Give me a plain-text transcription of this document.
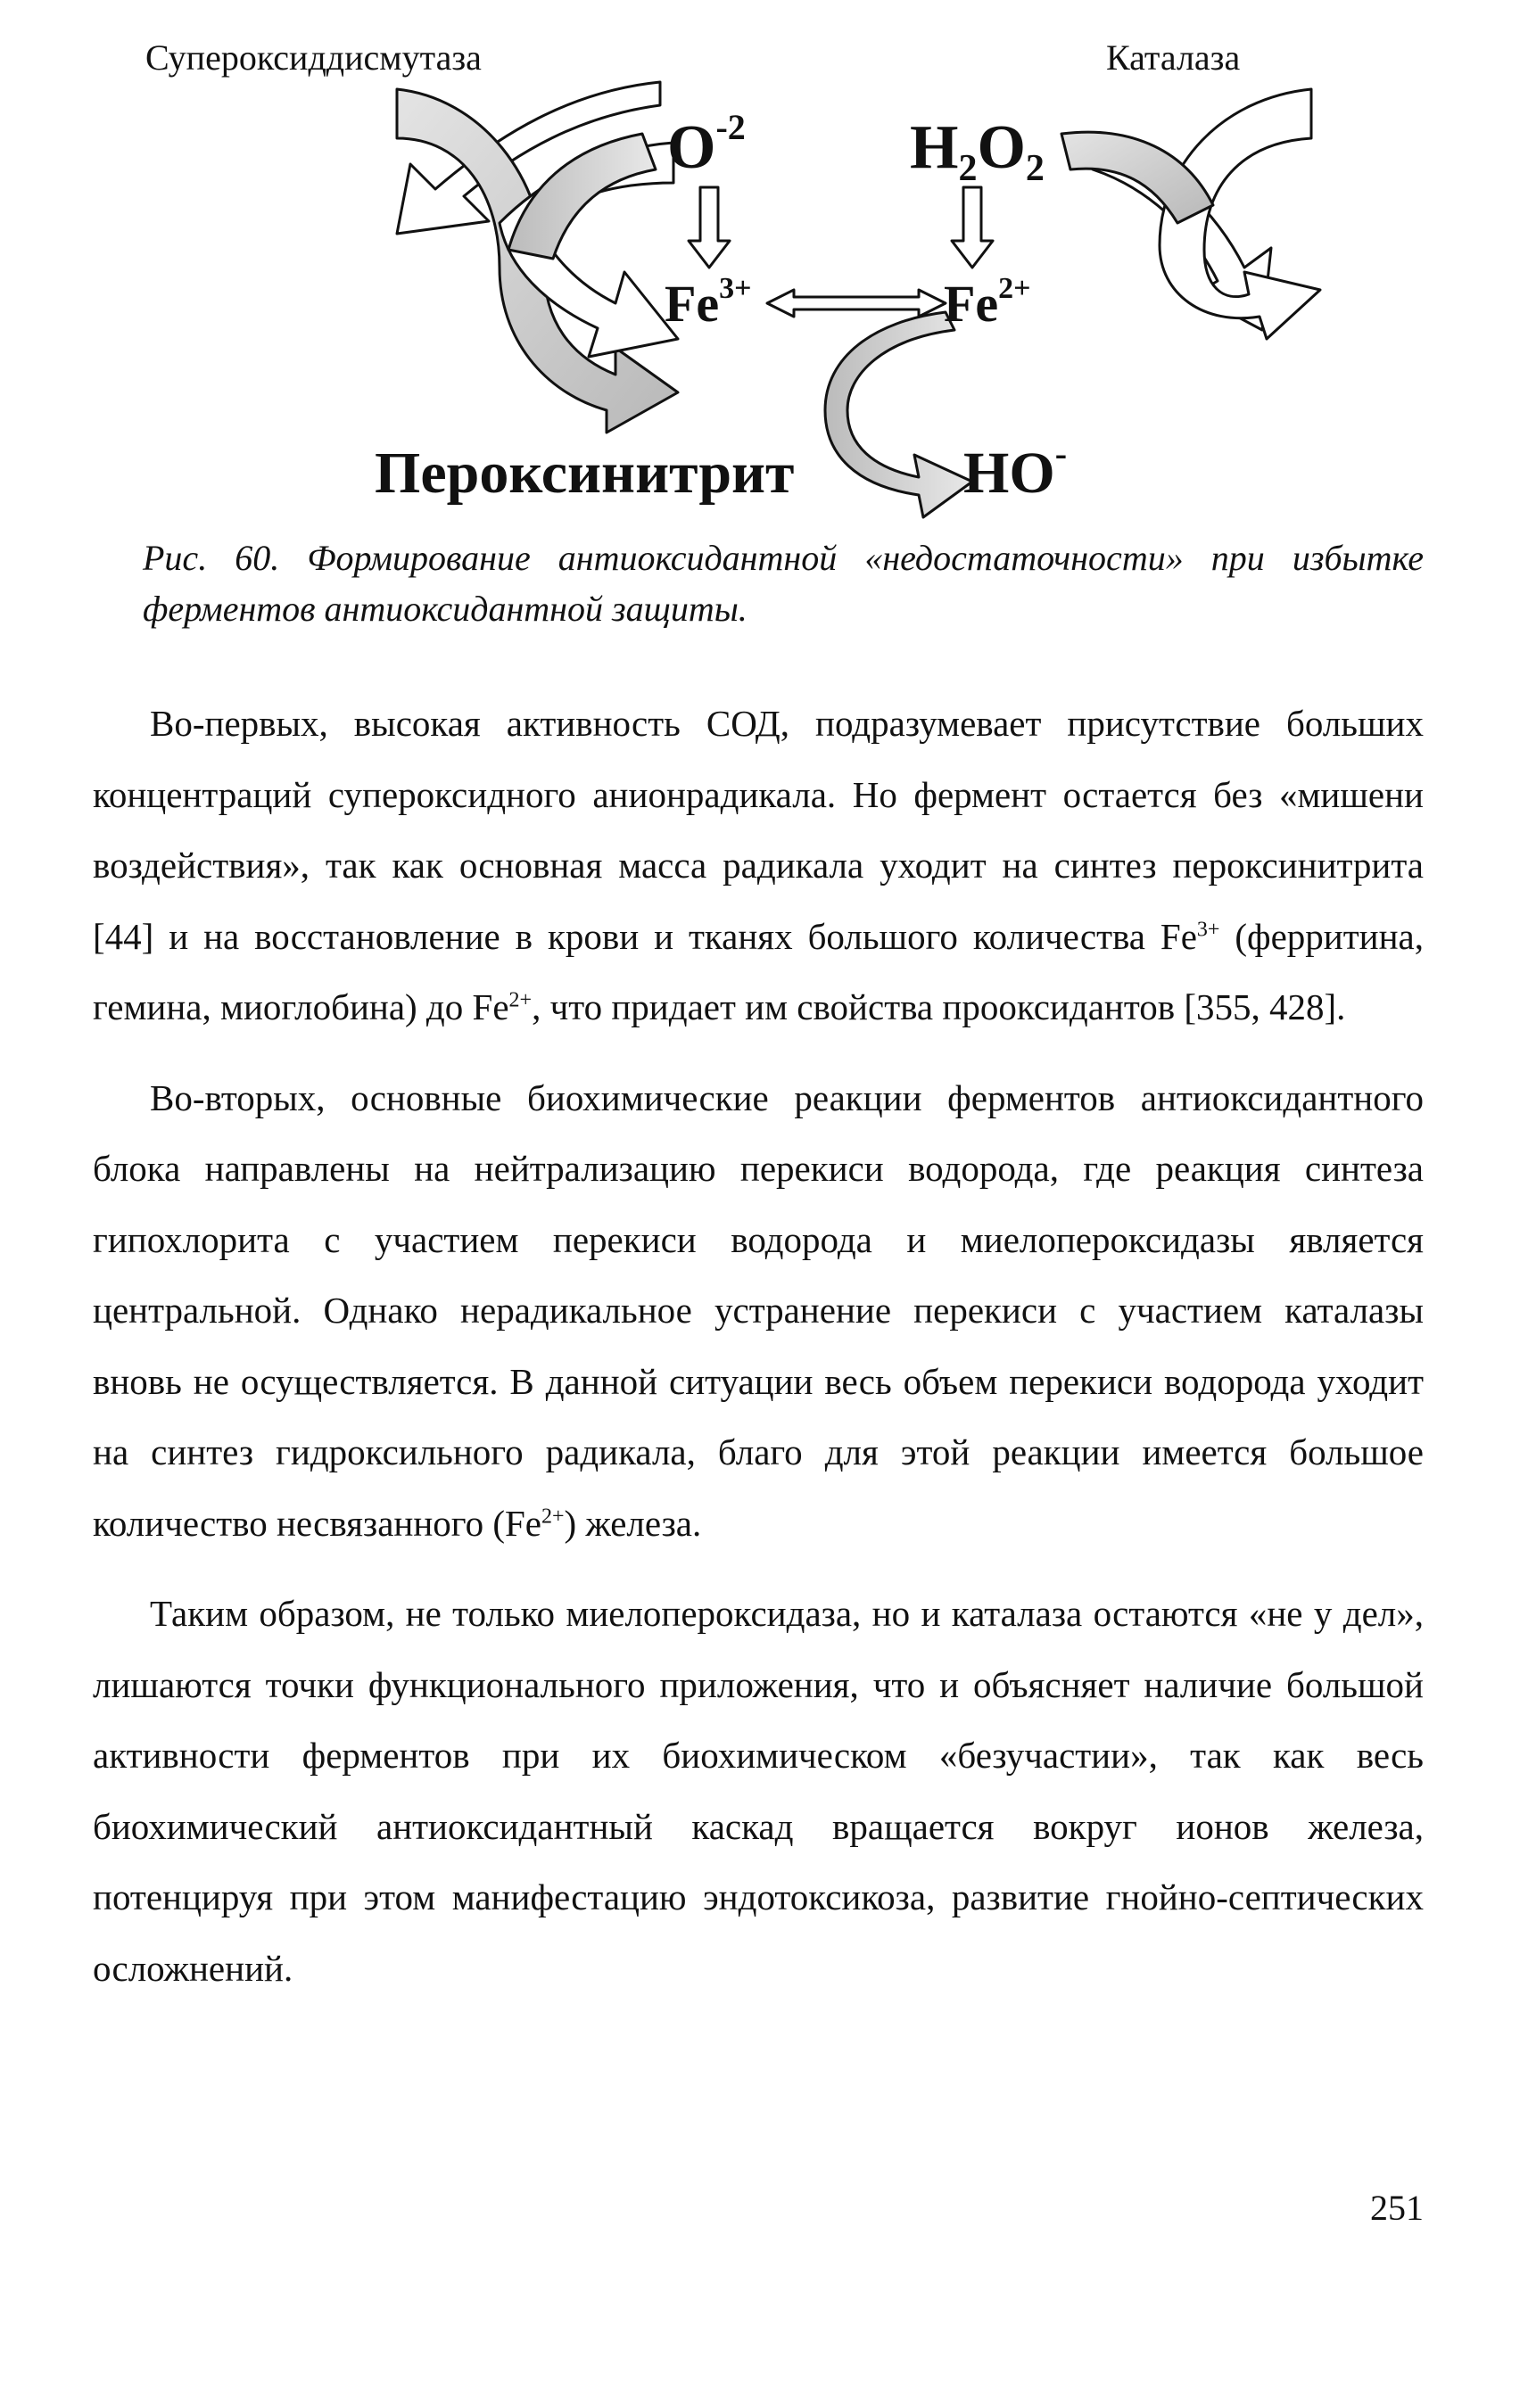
Супероксиддисмутаза	Каталаза
$O^{-2}$	$H_2O_2$
$Fe^{3+}$	$Fe^{2+}$
Пероксинитрит	HO-

Рис. 60. Формирование антиоксидантной «недостаточности» при избытке ферментов антиоксидантной защиты.

Во-первых, высокая активность СОД, подразумевает присутствие больших концентраций супероксидного анионрадикала. Но фермент остается без «мишени воздействия», так как основная масса радикала уходит на синтез пероксинитрита [44] и на восстановление в крови и тканях большого количества $Fe^{3+}$ (ферритина, гемина, миоглобина) до $Fe^{2+}$, что придает им свойства прооксидантов [355, 428].

Во-вторых, основные биохимические реакции ферментов антиоксидантного блока направлены на нейтрализацию перекиси водорода, где реакция синтеза гипохлорита с участием перекиси водорода и миелопероксидазы является центральной. Однако нерадикальное устранение перекиси с участием каталазы вновь не осуществляется. В данной ситуации весь объем перекиси водорода уходит на синтез гидроксильного радикала, благо для этой реакции имеется большое количество несвязанного $(Fe^{2+})$ железа.

Таким образом, не только миелопероксидаза, но и каталаза остаются «не у дел», лишаются точки функционального приложения, что и объясняет наличие большой активности ферментов при их биохимическом «безучастии», так как весь биохимический антиоксидантный каскад вращается вокруг ионов железа, потенцируя при этом манифестацию эндотоксикоза, развитие гнойно-септических осложнений.

251
